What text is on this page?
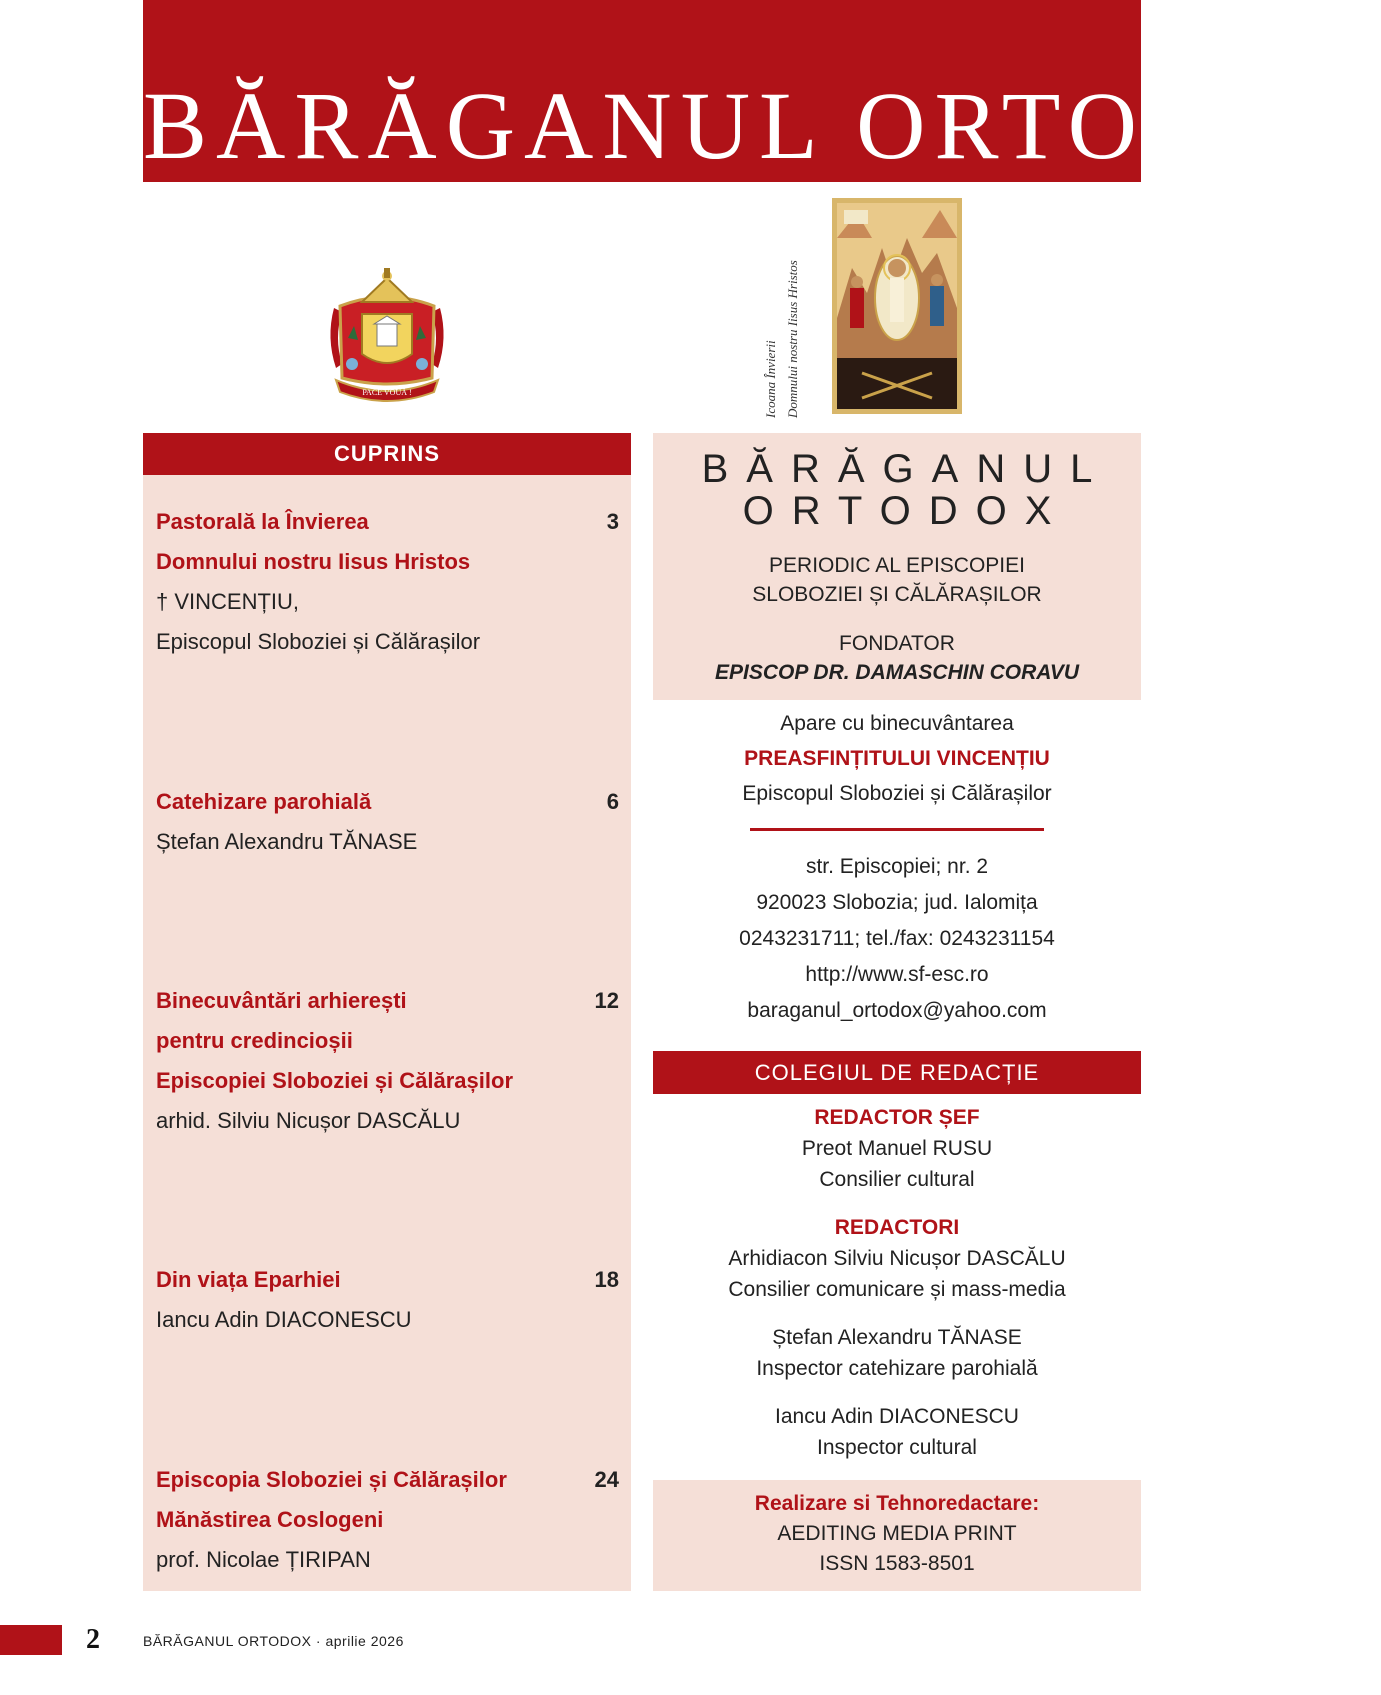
BĂRĂGANUL ORTODOX
PACE VOUĂ !	Icoana Învierii Domnului nostru Iisus Hristos
CUPRINS
Pastorală la Învierea
Domnului nostru Iisus Hristos
† VINCENȚIU,
Episcopul Sloboziei și Călărașilor
3
Catehizare parohială
Ștefan Alexandru TĂNASE
6
Binecuvântări arhierești
pentru credincioșii
Episcopiei Sloboziei și Călărașilor
arhid. Silviu Nicușor DASCĂLU
12
Din viața Eparhiei
Iancu Adin DIACONESCU
18
Episcopia Sloboziei și Călărașilor
Mănăstirea Coslogeni
prof. Nicolae ȚIRIPAN
24
BĂRĂGANUL
ORTODOX
PERIODIC AL EPISCOPIEI
SLOBOZIEI ȘI CĂLĂRAȘILOR
FONDATOR
EPISCOP DR. DAMASCHIN CORAVU
Apare cu binecuvântarea
PREASFINȚITULUI VINCENȚIU
Episcopul Sloboziei și Călărașilor
str. Episcopiei; nr. 2
920023 Slobozia; jud. Ialomița
0243231711; tel./fax: 0243231154
http://www.sf-esc.ro
baraganul_ortodox@yahoo.com
COLEGIUL DE REDACȚIE
REDACTOR ȘEF
Preot Manuel RUSU
Consilier cultural
REDACTORI
Arhidiacon Silviu Nicușor DASCĂLU
Consilier comunicare și mass-media
Ștefan Alexandru TĂNASE
Inspector catehizare parohială
Iancu Adin DIACONESCU
Inspector cultural
Realizare si Tehnoredactare:
AEDITING MEDIA PRINT
ISSN 1583-8501
2	BĂRĂGANUL ORTODOX · aprilie 2026
